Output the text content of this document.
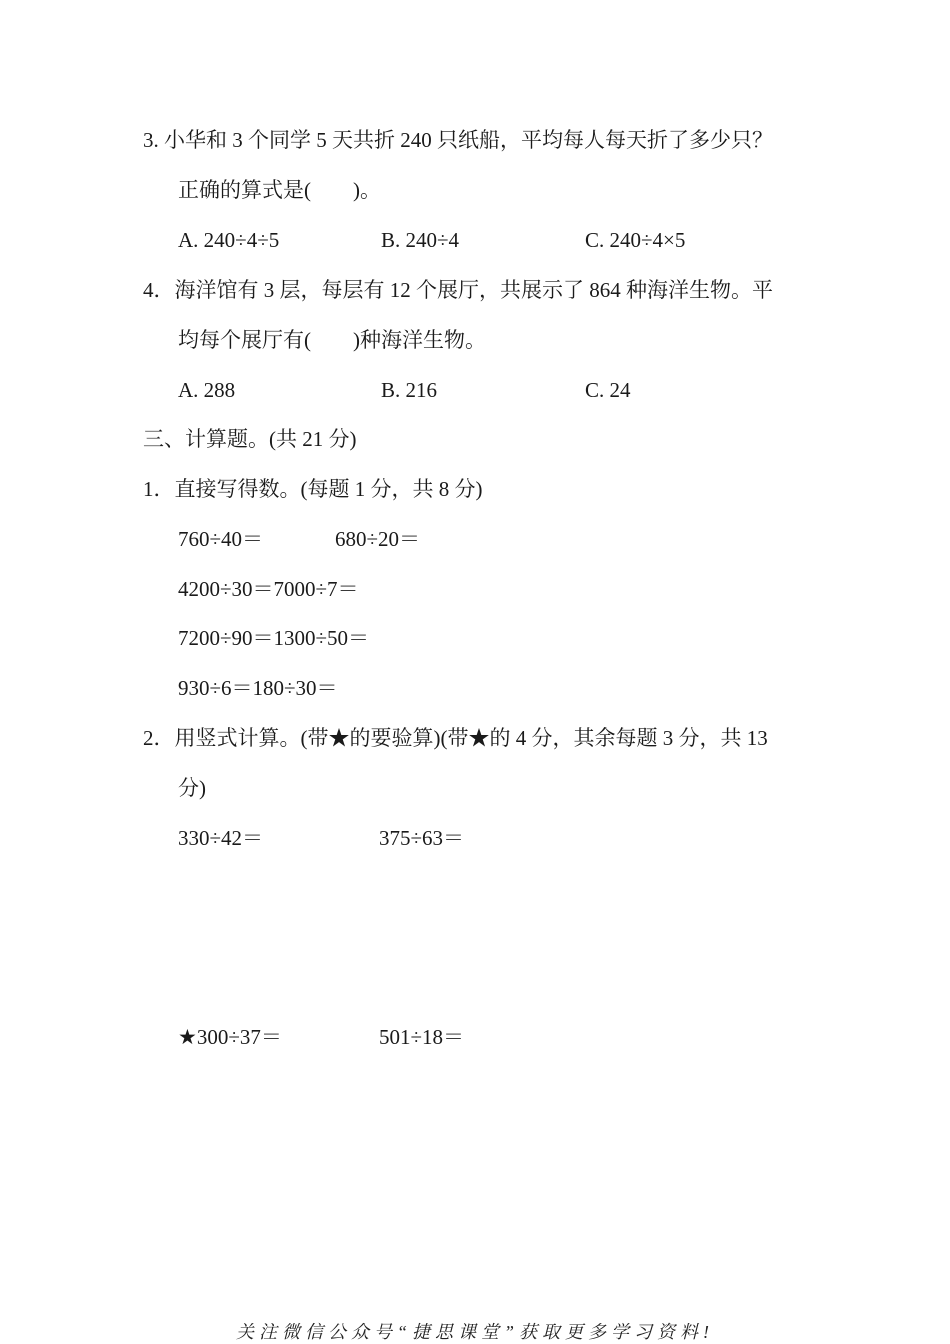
3. 小华和 3 个同学 5 天共折 240 只纸船，平均每人每天折了多少只？
正确的算式是(　　)。
A. 240÷4÷5	B. 240÷4	C. 240÷4×5
4．海洋馆有 3 层，每层有 12 个展厅，共展示了 864 种海洋生物。平
均每个展厅有(　　)种海洋生物。
A. 288	B. 216	C. 24
三、计算题。(共 21 分)
1．直接写得数。(每题 1 分，共 8 分)
760÷40＝	680÷20＝
4200÷30＝7000÷7＝
7200÷90＝1300÷50＝
930÷6＝180÷30＝
2．用竖式计算。(带★的要验算)(带★的 4 分，其余每题 3 分，共 13
分)
330÷42＝	375÷63＝
★300÷37＝	501÷18＝
关注微信公众号“捷思课堂”获取更多学习资料!
